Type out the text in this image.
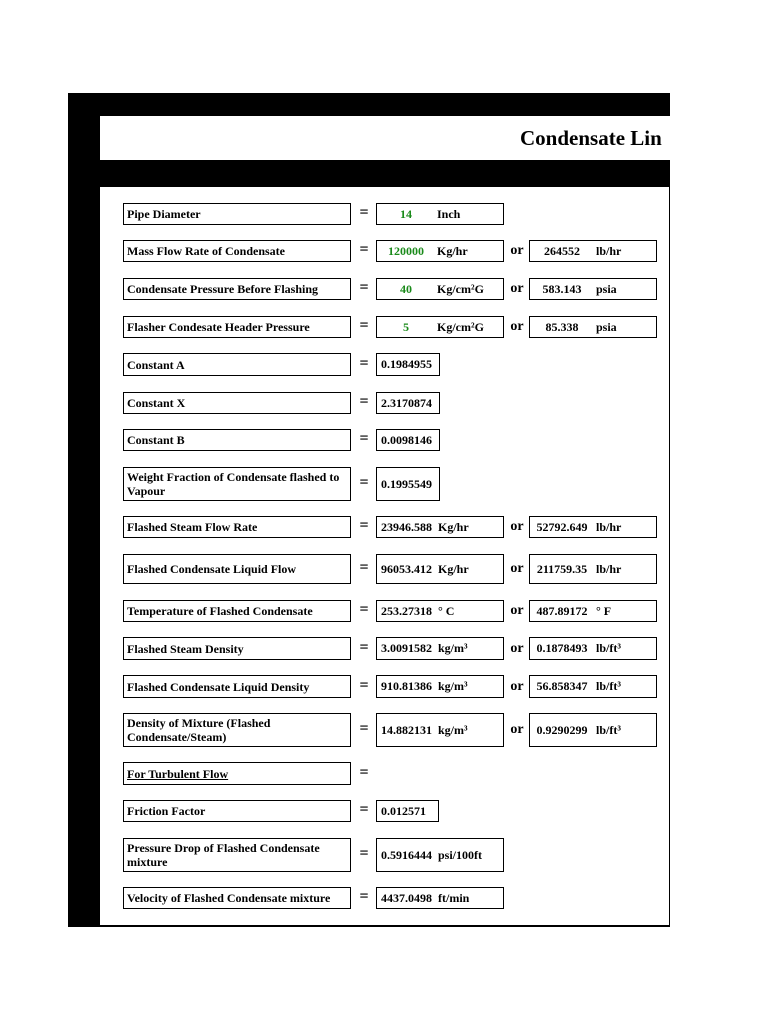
Condensate Lin
Pipe Diameter	=	14	Inch
Mass Flow Rate of Condensate	=	120000	Kg/hr	or	264552	lb/hr
Condensate Pressure Before Flashing	=	40	Kg/cm²G or	583.143	psia
Flasher Condesate Header Pressure	=	5	Kg/cm²G or	85.338	psia
Constant A	= 0.1984955
Constant X	= 2.3170874
Constant B	= 0.0098146
Weight Fraction of Condensate flashed to Vapour	= 0.1995549
Flashed Steam Flow Rate	= 23946.588 Kg/hr	or 52792.649 lb/hr
Flashed Condensate Liquid Flow	= 96053.412 Kg/hr	or 211759.35 lb/hr
Temperature of Flashed Condensate	= 253.27318 ° C	or 487.89172 ° F
Flashed Steam Density	= 3.0091582 kg/m³	or 0.1878493 lb/ft³
Flashed Condensate Liquid Density	= 910.81386 kg/m³	or 56.858347 lb/ft³
Density of Mixture (Flashed Condensate/Steam)	= 14.882131 kg/m³	or 0.9290299 lb/ft³
For Turbulent Flow	=
Friction Factor	= 0.012571
Pressure Drop of Flashed Condensate mixture	= 0.5916444 psi/100ft
Velocity of Flashed Condensate mixture = 4437.0498 ft/min
